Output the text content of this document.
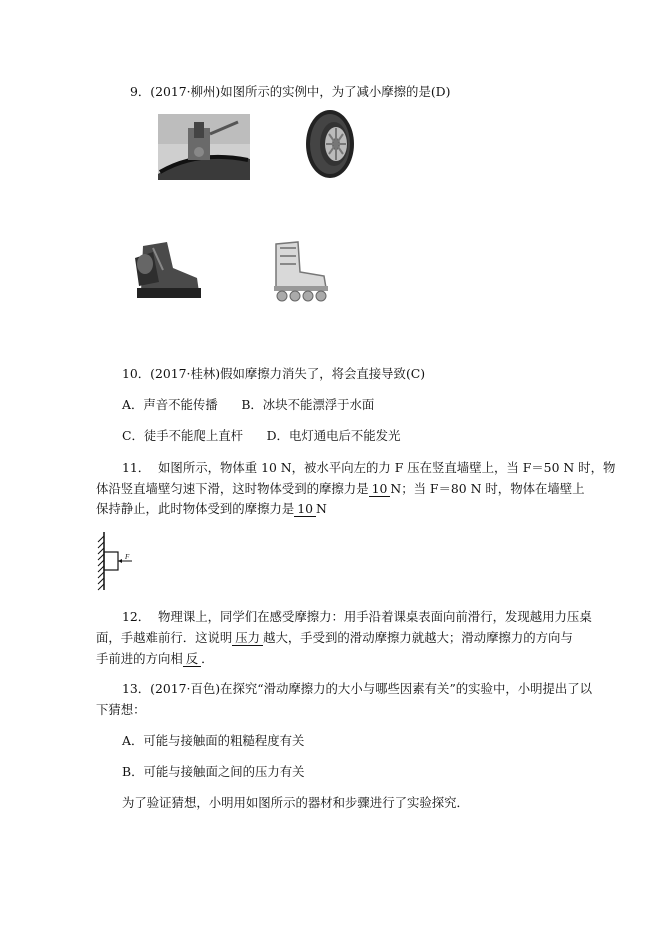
9．(2017·柳州)如图所示的实例中，为了减小摩擦的是(D)
10．(2017·桂林)假如摩擦力消失了，将会直接导致(C)
A．声音不能传播      B．冰块不能漂浮于水面
C．徒手不能爬上直杆      D．电灯通电后不能发光
11．  如图所示，物体重 10 N，被水平向左的力 F 压在竖直墙壁上，当 F＝50 N 时，物
体沿竖直墙壁匀速下滑，这时物体受到的摩擦力是 10 N；当 F＝80 N 时，物体在墙壁上
保持静止，此时物体受到的摩擦力是 10 N
F
12．  物理课上，同学们在感受摩擦力：用手沿着课桌表面向前滑行，发现越用力压桌
面，手越难前行．这说明 压力 越大，手受到的滑动摩擦力就越大；滑动摩擦力的方向与
手前进的方向相 反 ．
13．(2017·百色)在探究“滑动摩擦力的大小与哪些因素有关”的实验中，小明提出了以
下猜想：
A．可能与接触面的粗糙程度有关
B．可能与接触面之间的压力有关
为了验证猜想，小明用如图所示的器材和步骤进行了实验探究．
